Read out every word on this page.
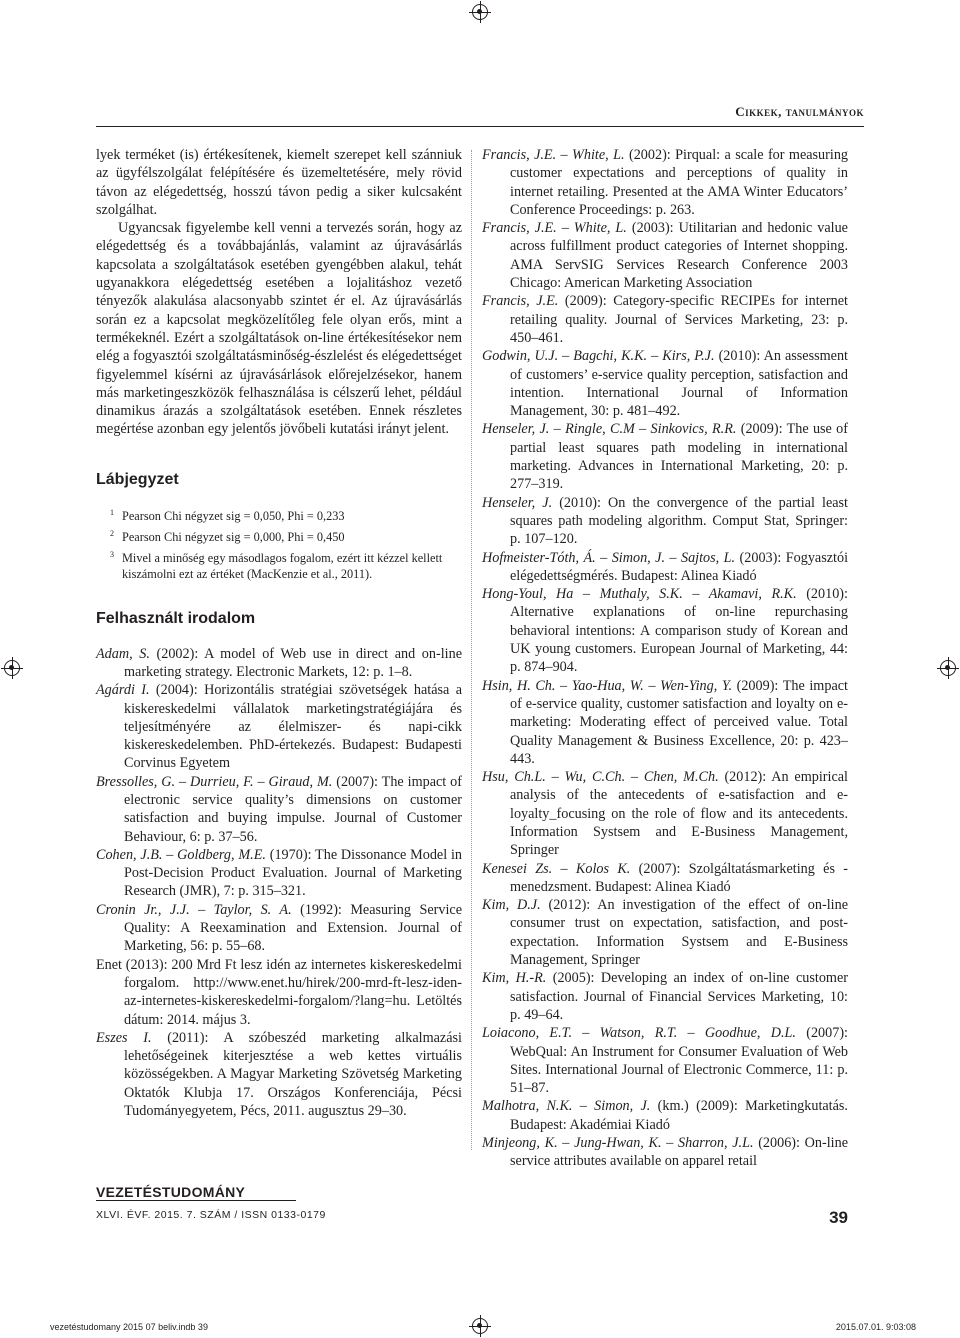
Cikkek, tanulmányok

lyek terméket (is) értékesítenek, kiemelt szerepet kell szánniuk az ügyfélszolgálat felépítésére és üzemeltetésére, mely rövid távon az elégedettség, hosszú távon pedig a siker kulcsaként szolgálhat.

Ugyancsak figyelembe kell venni a tervezés során, hogy az elégedettség és a továbbajánlás, valamint az újravásárlás kapcsolata a szolgáltatások esetében gyengébben alakul, tehát ugyanakkora elégedettség esetében a lojalitáshoz vezető tényezők alakulása alacsonyabb szintet ér el. Az újravásárlás során ez a kapcsolat megközelítőleg fele olyan erős, mint a termékeknél. Ezért a szolgáltatások on-line értékesítésekor nem elég a fogyasztói szolgáltatásminőség-észlelést és elégedettséget figyelemmel kísérni az újravásárlások előrejelzésekor, hanem más marketingeszközök felhasználása is célszerű lehet, például dinamikus árazás a szolgáltatások esetében. Ennek részletes megértése azonban egy jelentős jövőbeli kutatási irányt jelent.

Lábjegyzet

$^1$ Pearson Chi négyzet sig = 0,050, Phi = 0,233

$^2$ Pearson Chi négyzet sig = 0,000, Phi = 0,450

$^3$ Mivel a minőség egy másodlagos fogalom, ezért itt kézzel kellett kiszámolni ezt az értéket (MacKenzie et al., 2011).

Felhasznált irodalom

Adam, S. (2002): A model of Web use in direct and on-line marketing strategy. Electronic Markets, 12: p. 1–8.

Agárdi I. (2004): Horizontális stratégiai szövetségek hatása a kiskereskedelmi vállalatok marketingstratégiájára és teljesítményére az élelmiszer- és napi-cikk kiskereskedelemben. PhD-értekezés. Budapest: Budapesti Corvinus Egyetem

Bressolles, G. – Durrieu, F. – Giraud, M. (2007): The impact of electronic service quality’s dimensions on customer satisfaction and buying impulse. Journal of Customer Behaviour, 6: p. 37–56.

Cohen, J.B. – Goldberg, M.E. (1970): The Dissonance Model in Post-Decision Product Evaluation. Journal of Marketing Research (JMR), 7: p. 315–321.

Cronin Jr., J.J. – Taylor, S. A. (1992): Measuring Service Quality: A Reexamination and Extension. Journal of Marketing, 56: p. 55–68.

Enet (2013): 200 Mrd Ft lesz idén az internetes kiskereskedelmi forgalom. http://www.enet.hu/hirek/200-mrd-ft-lesz-iden-az-internetes-kiskereskedelmi-forgalom/?lang=hu. Letöltés dátum: 2014. május 3.

Eszes I. (2011): A szóbeszéd marketing alkalmazási lehetőségeinek kiterjesztése a web kettes virtuális közösségekben. A Magyar Marketing Szövetség Marketing Oktatók Klubja 17. Országos Konferenciája, Pécsi Tudományegyetem, Pécs, 2011. augusztus 29–30.

Francis, J.E. – White, L. (2002): Pirqual: a scale for measuring customer expectations and perceptions of quality in internet retailing. Presented at the AMA Winter Educators’ Conference Proceedings: p. 263.

Francis, J.E. – White, L. (2003): Utilitarian and hedonic value across fulfillment product categories of Internet shopping. AMA ServSIG Services Research Conference 2003 Chicago: American Marketing Association

Francis, J.E. (2009): Category-specific RECIPEs for internet retailing quality. Journal of Services Marketing, 23: p. 450–461.

Godwin, U.J. – Bagchi, K.K. – Kirs, P.J. (2010): An assessment of customers’ e-service quality perception, satisfaction and intention. International Journal of Information Management, 30: p. 481–492.

Henseler, J. – Ringle, C.M – Sinkovics, R.R. (2009): The use of partial least squares path modeling in international marketing. Advances in International Marketing, 20: p. 277–319.

Henseler, J. (2010): On the convergence of the partial least squares path modeling algorithm. Comput Stat, Springer: p. 107–120.

Hofmeister-Tóth, Á. – Simon, J. – Sajtos, L. (2003): Fogyasztói elégedettségmérés. Budapest: Alinea Kiadó

Hong-Youl, Ha – Muthaly, S.K. – Akamavi, R.K. (2010): Alternative explanations of on-line repurchasing behavioral intentions: A comparison study of Korean and UK young customers. European Journal of Marketing, 44: p. 874–904.

Hsin, H. Ch. – Yao-Hua, W. – Wen-Ying, Y. (2009): The impact of e-service quality, customer satisfaction and loyalty on e-marketing: Moderating effect of perceived value. Total Quality Management & Business Excellence, 20: p. 423–443.

Hsu, Ch.L. – Wu, C.Ch. – Chen, M.Ch. (2012): An empirical analysis of the antecedents of e-satisfaction and e-loyalty_focusing on the role of flow and its antecedents. Information Systsem and E-Business Management, Springer

Kenesei Zs. – Kolos K. (2007): Szolgáltatásmarketing és -menedzsment. Budapest: Alinea Kiadó

Kim, D.J. (2012): An investigation of the effect of on-line consumer trust on expectation, satisfaction, and post-expectation. Information Systsem and E-Business Management, Springer

Kim, H.-R. (2005): Developing an index of on-line customer satisfaction. Journal of Financial Services Marketing, 10: p. 49–64.

Loiacono, E.T. – Watson, R.T. – Goodhue, D.L. (2007): WebQual: An Instrument for Consumer Evaluation of Web Sites. International Journal of Electronic Commerce, 11: p. 51–87.

Malhotra, N.K. – Simon, J. (km.) (2009): Marketingkutatás. Budapest: Akadémiai Kiadó

Minjeong, K. – Jung-Hwan, K. – Sharron, J.L. (2006): On-line service attributes available on apparel retail

VEZETÉSTUDOMÁNY
XLVI. ÉVF. 2015. 7. SZÁM / ISSN 0133-0179	39
vezetéstudomany 2015 07 beliv.indb 39	2015.07.01. 9:03:08
